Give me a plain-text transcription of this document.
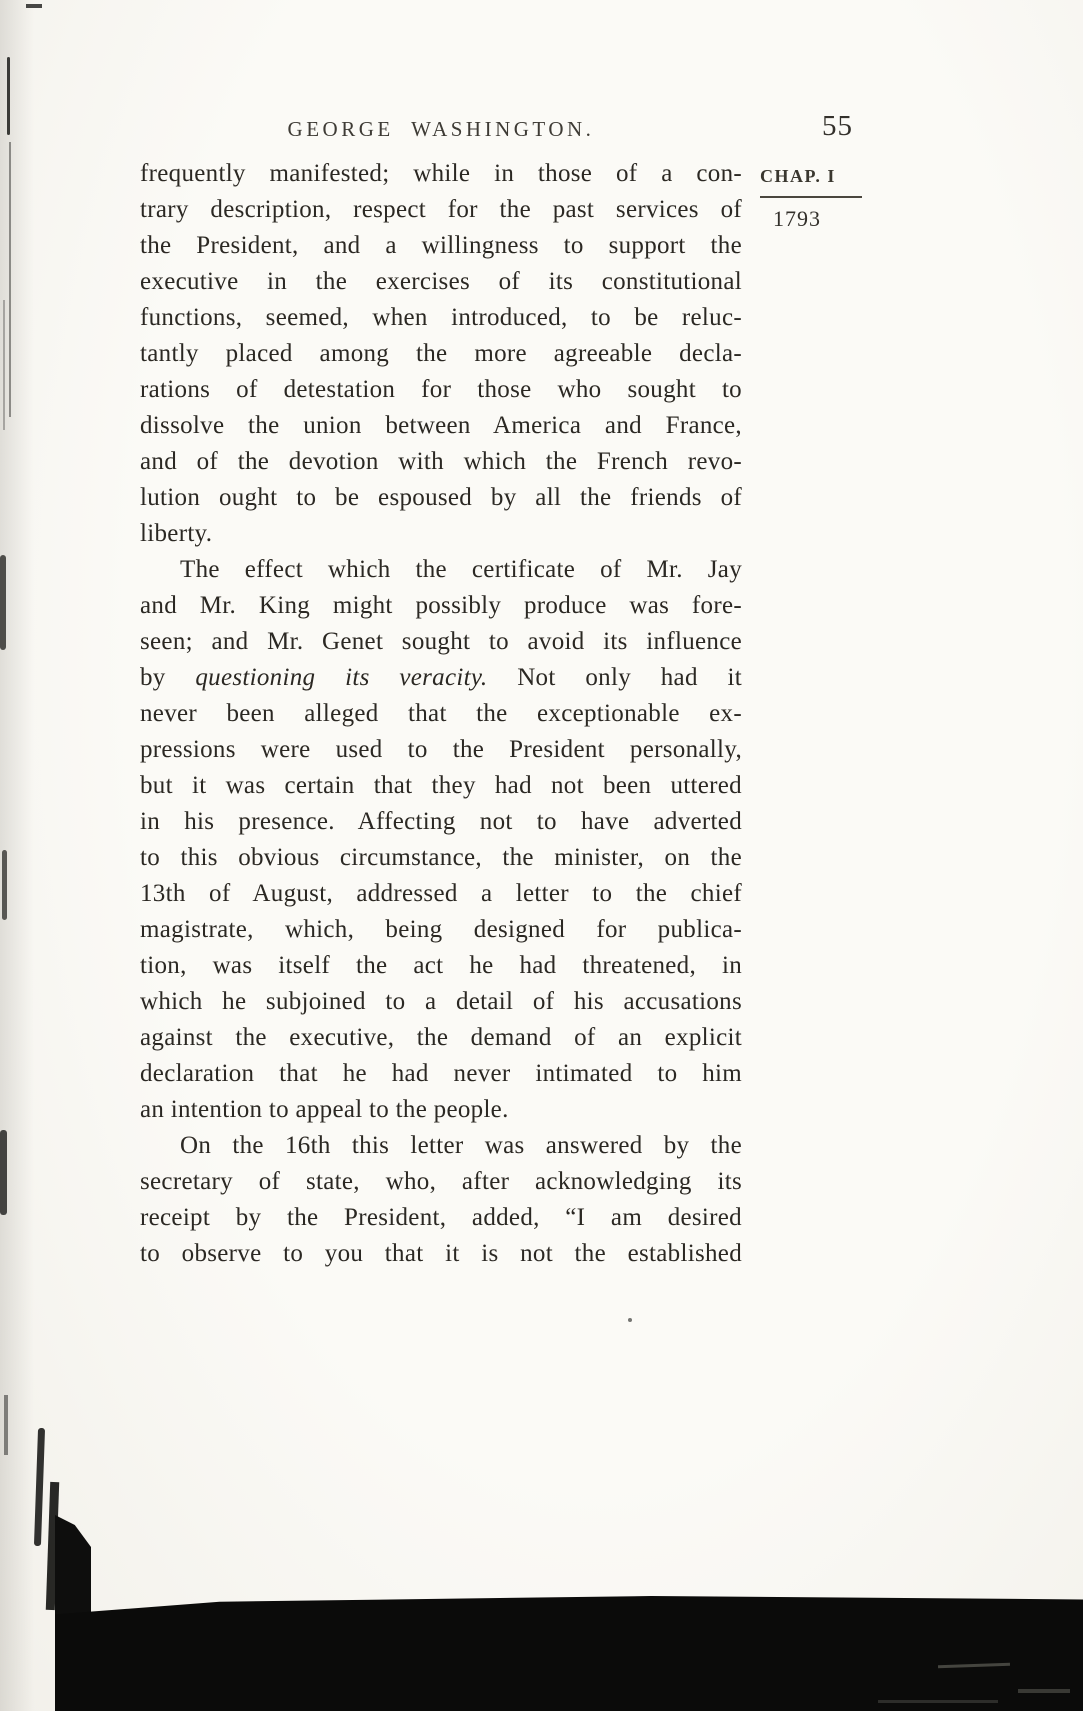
GEORGE WASHINGTON.	55
frequently manifested; while in those of a con-
trary description, respect for the past services of
the President, and a willingness to support the
executive in the exercises of its constitutional
functions, seemed, when introduced, to be reluc-
tantly placed among the more agreeable decla-
rations of detestation for those who sought to
dissolve the union between America and France,
and of the devotion with which the French revo-
lution ought to be espoused by all the friends of
liberty.
The effect which the certificate of Mr. Jay
and Mr. King might possibly produce was fore-
seen; and Mr. Genet sought to avoid its influence
by questioning its veracity. Not only had it
never been alleged that the exceptionable ex-
pressions were used to the President personally,
but it was certain that they had not been uttered
in his presence. Affecting not to have adverted
to this obvious circumstance, the minister, on the
13th of August, addressed a letter to the chief
magistrate, which, being designed for publica-
tion, was itself the act he had threatened, in
which he subjoined to a detail of his accusations
against the executive, the demand of an explicit
declaration that he had never intimated to him
an intention to appeal to the people.
On the 16th this letter was answered by the
secretary of state, who, after acknowledging its
receipt by the President, added, “I am desired
to observe to you that it is not the established
CHAP. I
1793
